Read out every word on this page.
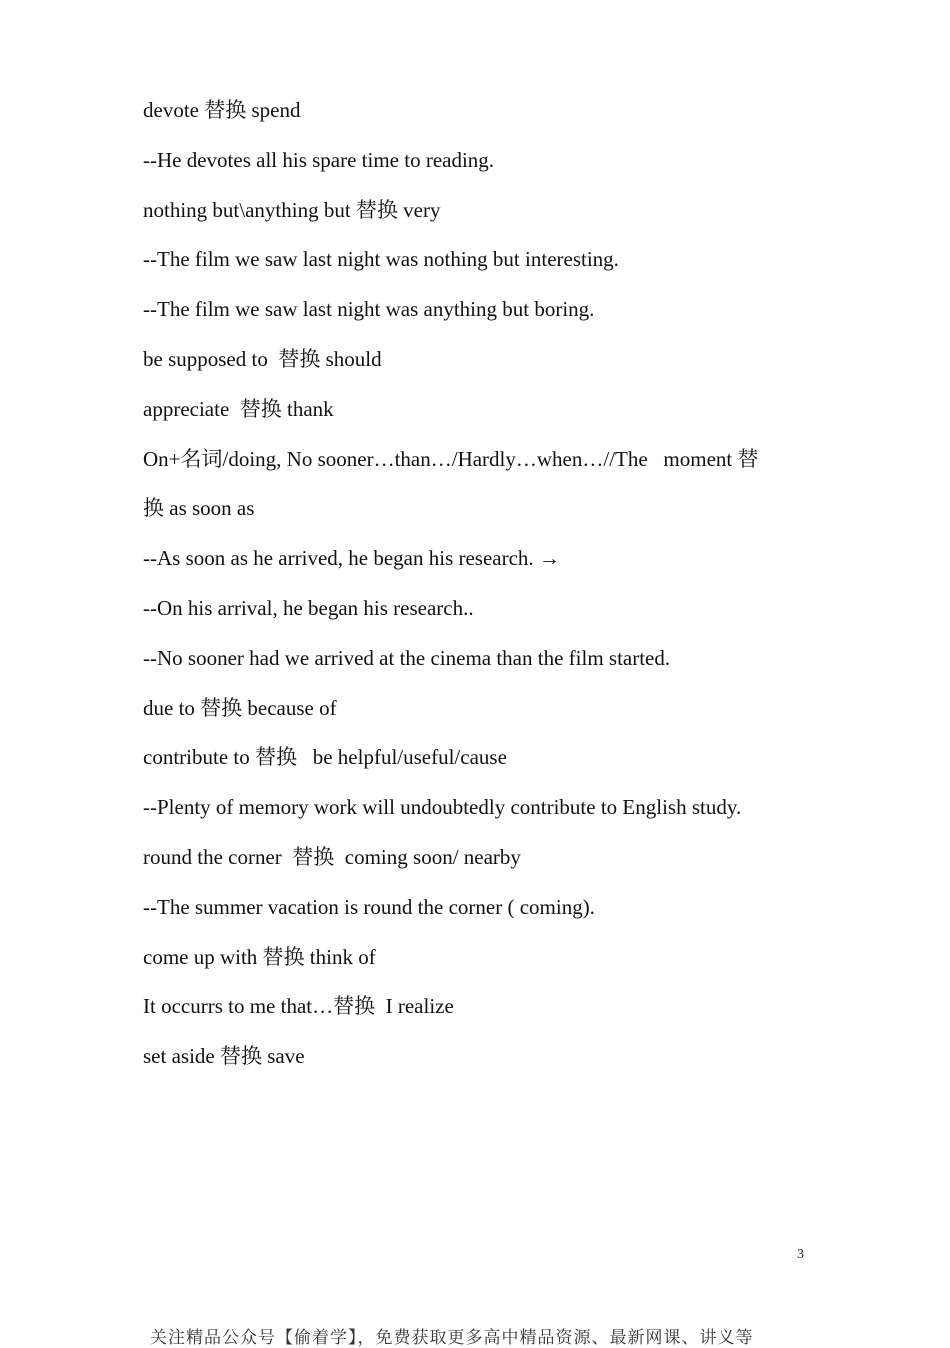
devote 替换 spend

--He devotes all his spare time to reading.

nothing but\anything but 替换 very

--The film we saw last night was nothing but interesting.

--The film we saw last night was anything but boring.

be supposed to  替换 should

appreciate  替换 thank

On+名词/doing, No sooner…than…/Hardly…when…//The   moment 替

换 as soon as

--As soon as he arrived, he began his research. →

--On his arrival, he began his research..

--No sooner had we arrived at the cinema than the film started.

due to 替换 because of

contribute to 替换   be helpful/useful/cause

--Plenty of memory work will undoubtedly contribute to English study.

round the corner  替换  coming soon/ nearby

--The summer vacation is round the corner ( coming).

come up with 替换 think of

It occurrs to me that…替换  I realize

set aside 替换 save

3
关注精品公众号【偷着学】，免费获取更多高中精品资源、最新网课、讲义等
